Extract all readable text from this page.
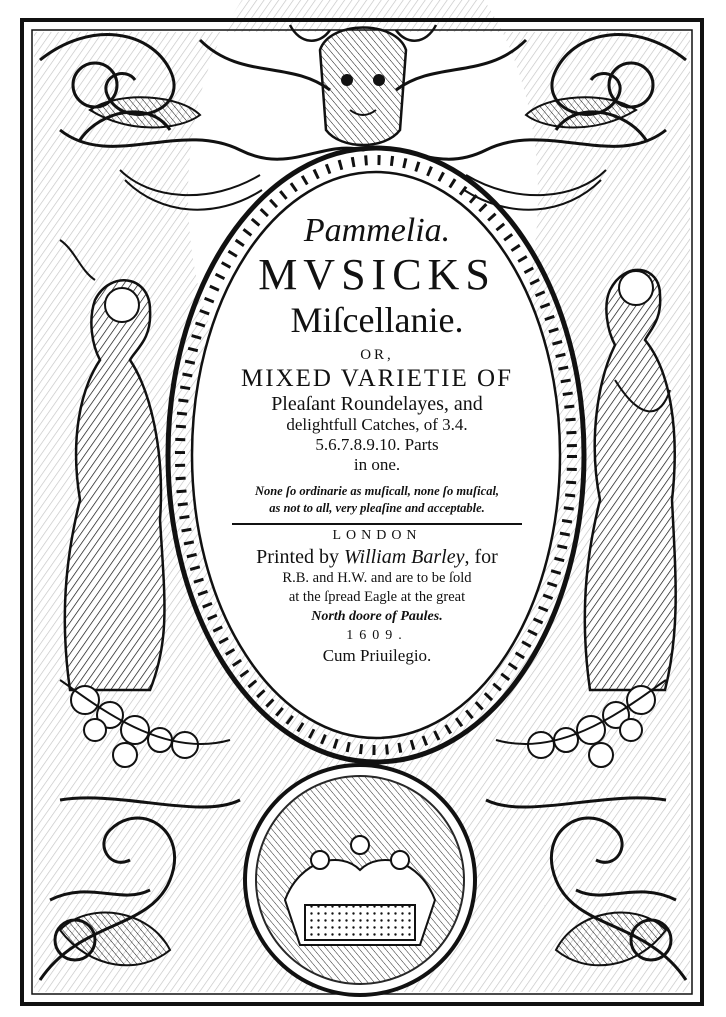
Pammelia.

MVSICKS

Miſcellanie.

OR,

MIXED VARIETIE OF

Pleaſant Roundelayes, and

delightfull Catches, of 3.4.

5.6.7.8.9.10. Parts

in one.

None ſo ordinarie as muſicall, none ſo muſical,

as not to all, very pleaſine and acceptable.

LONDON

Printed by William Barley, for

R.B. and H.W. and are to be ſold

at the ſpread Eagle at the great

North doore of Paules.

1609.

Cum Priuilegio.
